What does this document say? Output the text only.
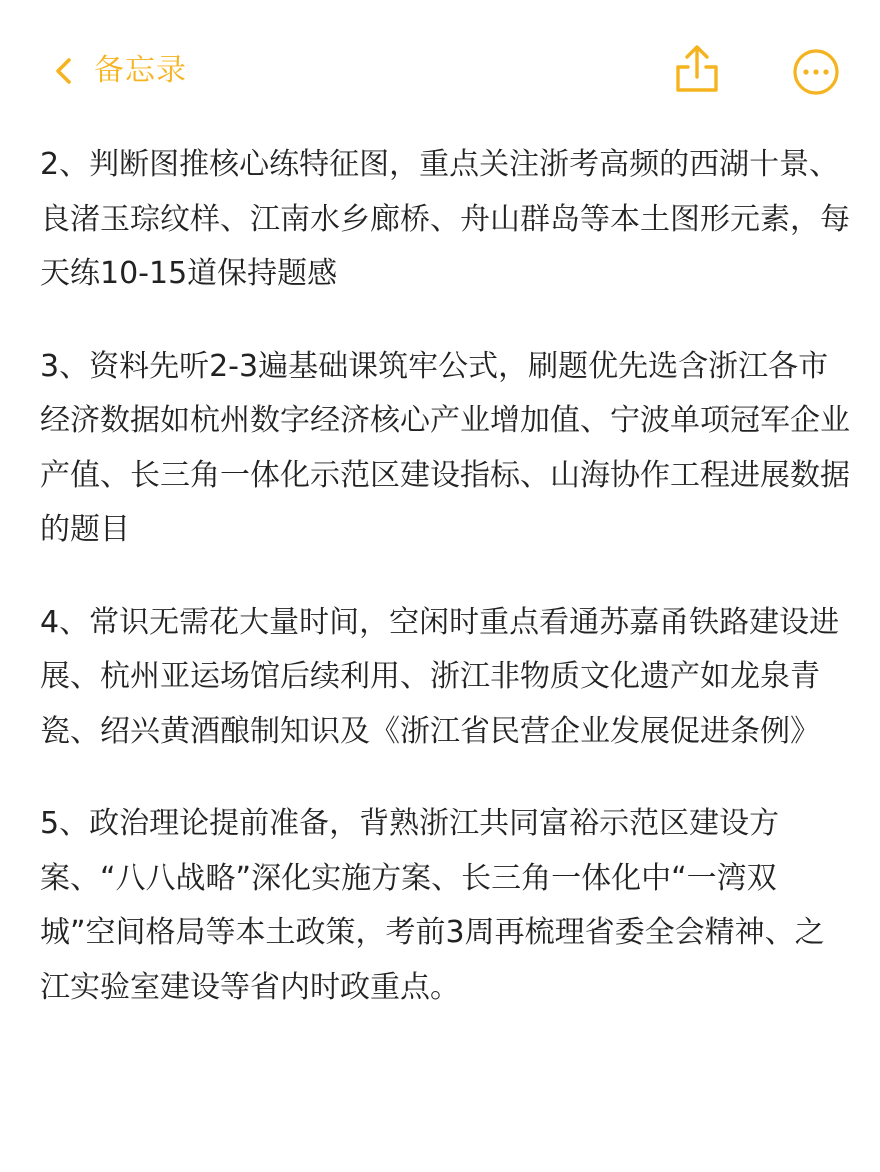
备忘录

2、判断图推核心练特征图，重点关注浙考高频的西湖十景、良渚玉琮纹样、江南水乡廊桥、舟山群岛等本土图形元素，每天练10-15道保持题感

3、资料先听2-3遍基础课筑牢公式，刷题优先选含浙江各市经济数据如杭州数字经济核心产业增加值、宁波单项冠军企业产值、长三角一体化示范区建设指标、山海协作工程进展数据的题目

4、常识无需花大量时间，空闲时重点看通苏嘉甬铁路建设进展、杭州亚运场馆后续利用、浙江非物质文化遗产如龙泉青瓷、绍兴黄酒酿制知识及《浙江省民营企业发展促进条例》

5、政治理论提前准备，背熟浙江共同富裕示范区建设方案、“八八战略”深化实施方案、长三角一体化中“一湾双城”空间格局等本土政策，考前3周再梳理省委全会精神、之江实验室建设等省内时政重点。
